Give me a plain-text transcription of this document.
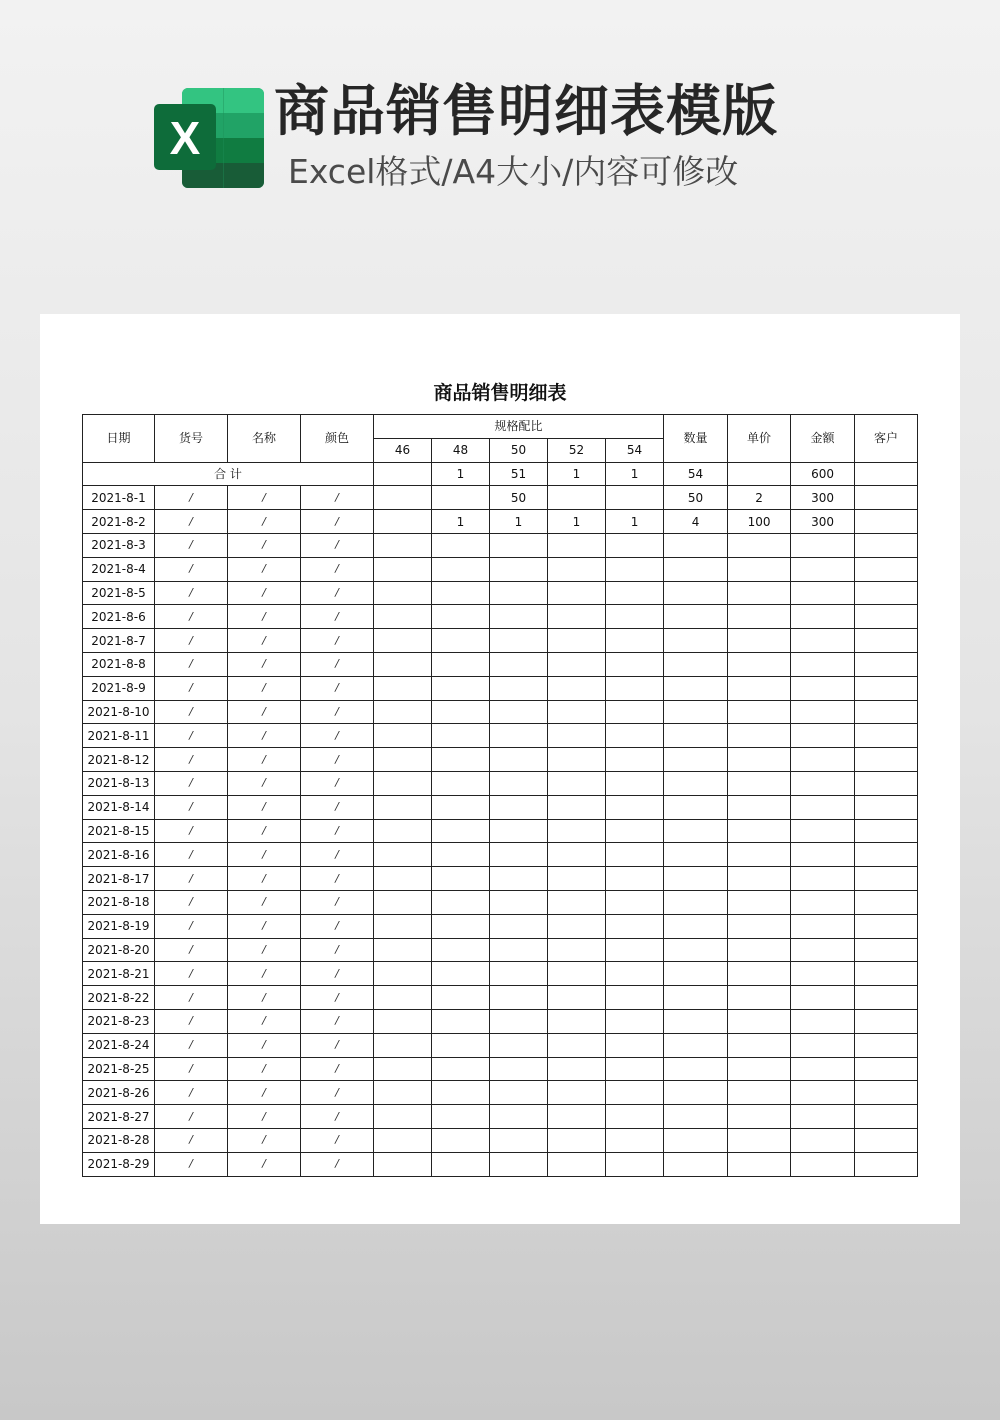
X 商品销售明细表模版
Excel格式/A4大小/内容可修改
商品销售明细表
日期	货号	名称	颜色	规格配比					数量	单价	金额	客户
				46	48	50	52	54				
合 计					1	51	1	1	54		600	
2021-8-1	/	/	/			50			50	2	300	
2021-8-2	/	/	/		1	1	1	1	4	100	300	
2021-8-3	/	/	/									
2021-8-4	/	/	/									
2021-8-5	/	/	/									
2021-8-6	/	/	/									
2021-8-7	/	/	/									
2021-8-8	/	/	/									
2021-8-9	/	/	/									
2021-8-10	/	/	/									
2021-8-11	/	/	/									
2021-8-12	/	/	/									
2021-8-13	/	/	/									
2021-8-14	/	/	/									
2021-8-15	/	/	/									
2021-8-16	/	/	/									
2021-8-17	/	/	/									
2021-8-18	/	/	/									
2021-8-19	/	/	/									
2021-8-20	/	/	/									
2021-8-21	/	/	/									
2021-8-22	/	/	/									
2021-8-23	/	/	/									
2021-8-24	/	/	/									
2021-8-25	/	/	/									
2021-8-26	/	/	/									
2021-8-27	/	/	/									
2021-8-28	/	/	/									
2021-8-29	/	/	/									
